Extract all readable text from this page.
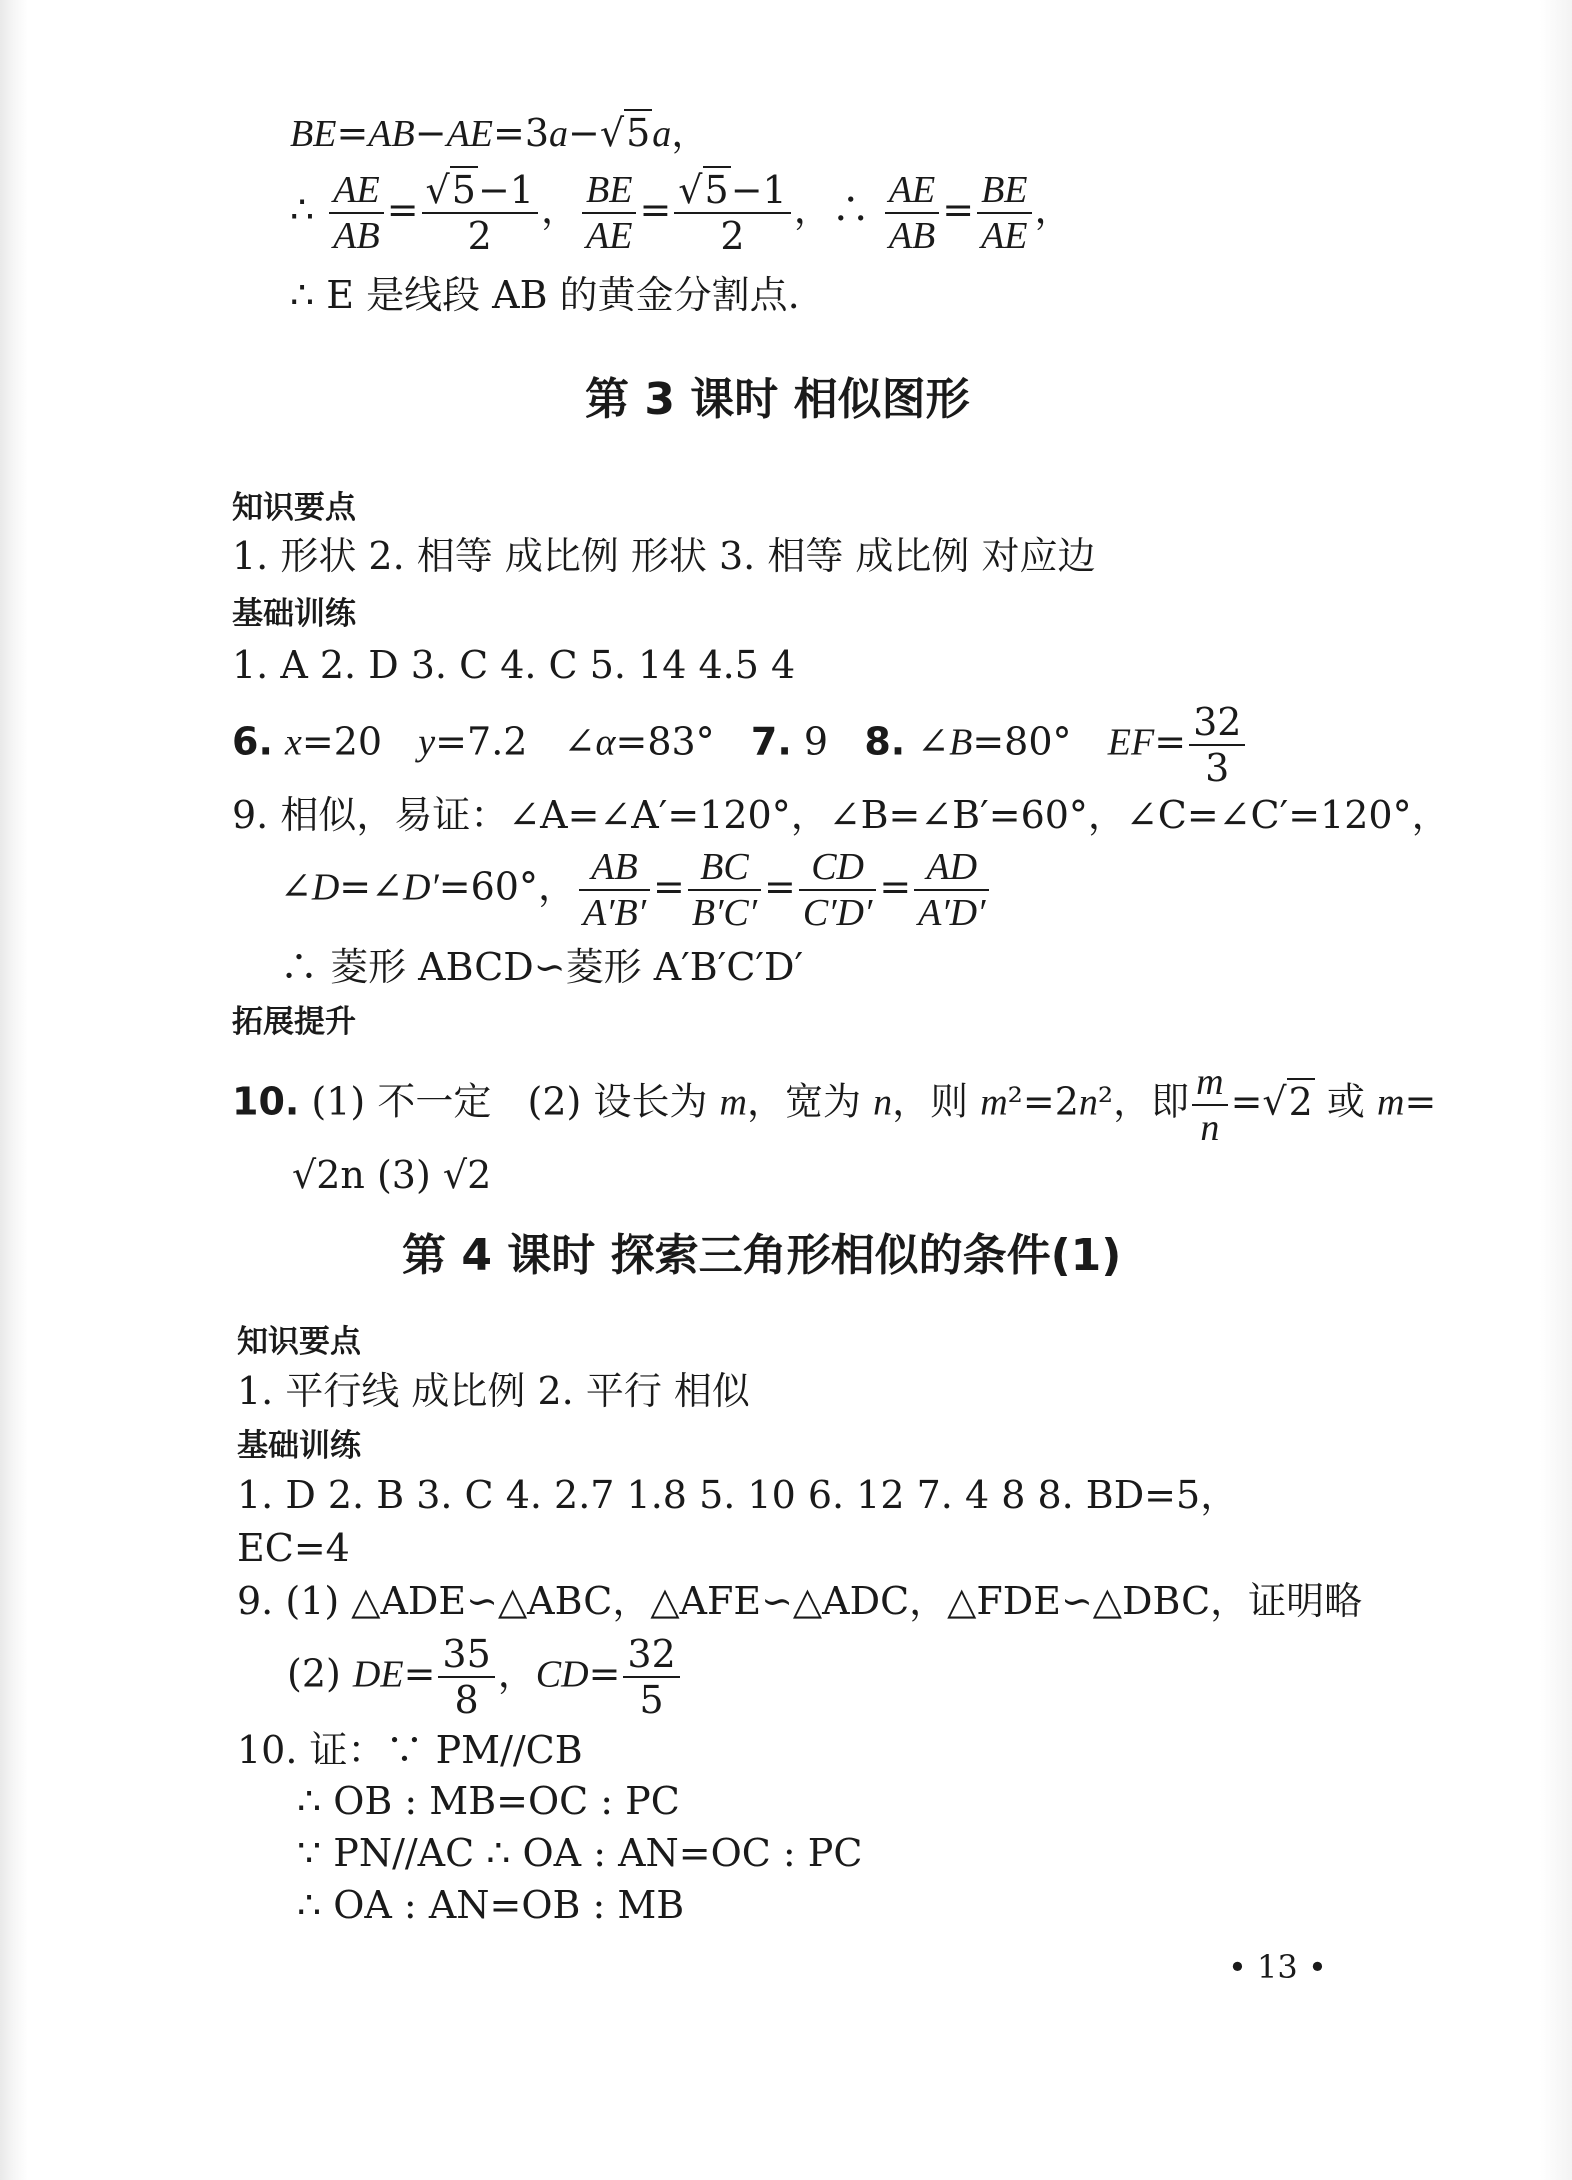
BE=AB−AE=3a−√5a，
∴ $\frac{AE}{AB} = \frac{√5-1}{2}$ ， $\frac{BE}{AE} = \frac{√5-1}{2}$ ，∴ $\frac{AE}{AB} = \frac{BE}{AE}$ ，
∴ E 是线段 AB 的黄金分割点.
第 3 课时 相似图形
知识要点
1. 形状 2. 相等 成比例 形状 3. 相等 成比例 对应边
基础训练
1. A 2. D 3. C 4. C 5. 14 4.5 4
6. x=20   y=7.2   ∠α=83°   7. 9   8. ∠B=80°   $EF= \frac{32}{3}$
9. 相似，易证：∠A=∠A′=120°，∠B=∠B′=60°，∠C=∠C′=120°，
∠D=∠D′=60°， $\frac{AB}{A'B'} = \frac{BC}{B'C'} = \frac{CD}{C'D'} = \frac{AD}{A'D'}$
∴ 菱形 ABCD∽菱形 A′B′C′D′
拓展提升
10. (1) 不一定   (2) 设长为 m，宽为 n，则 m²=2n²，即 $\frac{m}{n} =√2$ 或 m=
√2n (3) √2
第 4 课时 探索三角形相似的条件(1)
知识要点
1. 平行线 成比例 2. 平行 相似
基础训练
1. D 2. B 3. C 4. 2.7 1.8 5. 10 6. 12 7. 4 8 8. BD=5，
EC=4
9. (1) △ADE∽△ABC，△AFE∽△ADC，△FDE∽△DBC，证明略
(2) $DE= \frac{35}{8}$ ，$CD= \frac{32}{5}$
10. 证：∵ PM//CB
∴ OB : MB=OC : PC
∵ PN//AC ∴ OA : AN=OC : PC
∴ OA : AN=OB : MB
• 13 •
